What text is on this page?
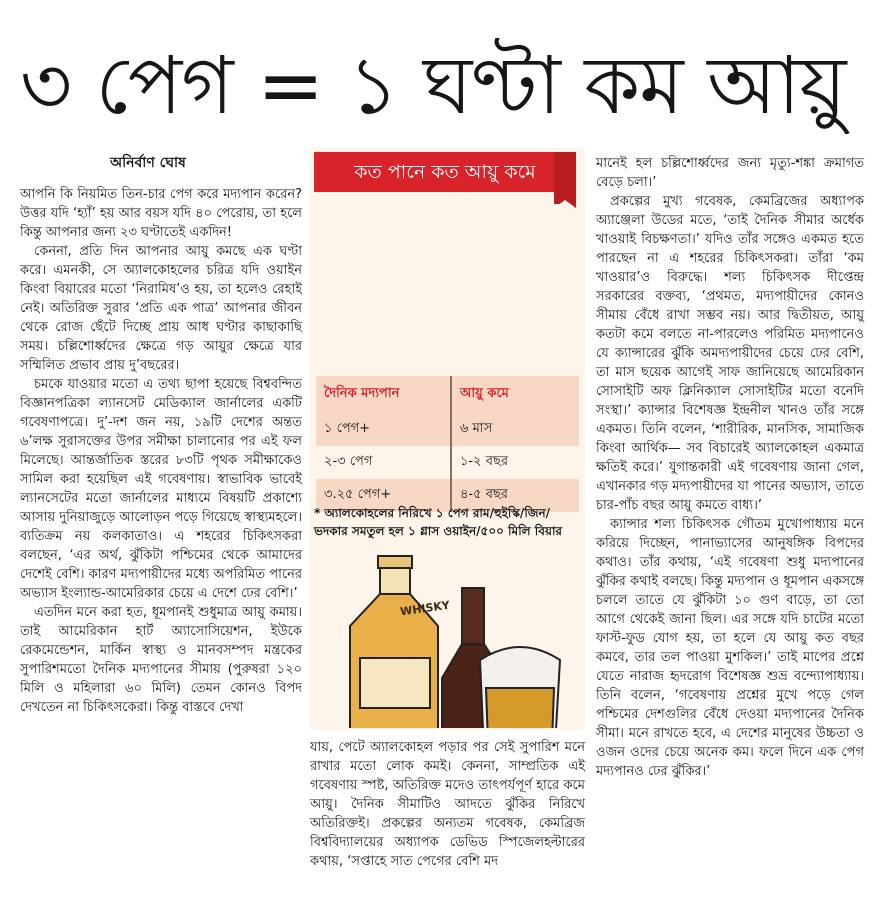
৩ পেগ = ১ ঘণ্টা কম আয়ু
অনির্বাণ ঘোষ

আপনি কি নিয়মিত তিন-চার পেগ করে মদ্যপান করেন? উত্তর যদি ‘হ্যাঁ’ হয় আর বয়স যদি ৪০ পেরোয়, তা হলে কিন্তু আপনার জন্য ২৩ ঘণ্টাতেই একদিন!

কেননা, প্রতি দিন আপনার আয়ু কমছে এক ঘণ্টা করে। এমনকী, সে অ্যালকোহলের চরিত্র যদি ওয়াইন কিংবা বিয়ারের মতো ‘নিরামিষ’ও হয়, তা হলেও রেহাই নেই। অতিরিক্ত সুরার ‘প্রতি এক পাত্র’ আপনার জীবন থেকে রোজ ছেঁটে দিচ্ছে প্রায় আধ ঘণ্টার কাছাকাছি সময়। চল্লিশোর্ধ্বদের ক্ষেত্রে গড় আয়ুর ক্ষেত্রে যার সম্মিলিত প্রভাব প্রায় দু’বছরের।

চমকে যাওয়ার মতো এ তথ্য ছাপা হয়েছে বিশ্ববন্দিত বিজ্ঞানপত্রিকা ল্যানসেট মেডিক্যাল জার্নালের একটি গবেষণাপত্রে। দু’-দশ জন নয়, ১৯টি দেশের অন্তত ৬’লক্ষ সুরাসক্তের উপর সমীক্ষা চালানোর পর এই ফল মিলেছে। আন্তর্জাতিক স্তরের ৮৩টি পৃথক সমীক্ষাকেও সামিল করা হয়েছিল এই গবেষণায়। স্বাভাবিক ভাবেই ল্যানসেটের মতো জার্নালের মাধ্যমে বিষয়টি প্রকাশ্যে আসায় দুনিয়াজুড়ে আলোড়ন পড়ে গিয়েছে স্বাস্থ্যমহলে। ব্যতিক্রম নয় কলকাতাও। এ শহরের চিকিৎসকরা বলছেন, ‘এর অর্থ, ঝুঁকিটা পশ্চিমের থেকে আমাদের দেশেই বেশি। কারণ মদ্যপায়ীদের মধ্যে অপরিমিত পানের অভ্যাস ইংল্যান্ড-আমেরিকার চেয়ে এ দেশে ঢের বেশি।’

এতদিন মনে করা হত, ধূমপানই শুধুমাত্র আয়ু কমায়। তাই আমেরিকান হার্ট অ্যাসোসিয়েশন, ইউকে রেকমেন্ডেশন, মার্কিন স্বাস্থ্য ও মানবসম্পদ মন্ত্রকের সুপারিশমতো দৈনিক মদ্যপানের সীমায় (পুরুষরা ১২০ মিলি ও মহিলারা ৬০ মিলি) তেমন কোনও বিপদ দেখতেন না চিকিৎসকেরা। কিন্তু বাস্তবে দেখা

কত পানে কত আয়ু কমে
দৈনিক মদ্যপান	আয়ু কমে
১ পেগ+	৬ মাস
২-৩ পেগ	১-২ বছর
৩.২৫ পেগ+	৪-৫ বছর
* অ্যালকোহলের নিরিখে ১ পেগ রাম/হুইস্কি/জিন/ভদকার সমতুল হল ১ গ্লাস ওয়াইন/৫০০ মিলি বিয়ার
WHISKY

যায়, পেটে অ্যালকোহল পড়ার পর সেই সুপারিশ মনে রাখার মতো লোক কমই। কেননা, সাম্প্রতিক এই গবেষণায় স্পষ্ট, অতিরিক্ত মদেও তাৎপর্যপূর্ণ হারে কমে আয়ু। দৈনিক সীমাটিও আদতে ঝুঁকির নিরিখে অতিরিক্তই। প্রকল্পের অন্যতম গবেষক, কেমব্রিজ বিশ্ববিদ্যালয়ের অধ্যাপক ডেভিড স্পিজেলহল্টারের কথায়, ‘সপ্তাহে সাত পেগের বেশি মদ

মানেই হল চল্লিশোর্ধ্বদের জন্য মৃত্যু-শঙ্কা ক্রমাগত বেড়ে চলা।’

প্রকল্পের মুখ্য গবেষক, কেমব্রিজের অধ্যাপক অ্যাঞ্জেলা উডের মতে, ‘তাই দৈনিক সীমার অর্ধেক খাওয়াই বিচক্ষণতা।’ যদিও তাঁর সঙ্গেও একমত হতে পারছেন না এ শহরের চিকিৎসকরা। তাঁরা ‘কম খাওয়ার’ও বিরুদ্ধে। শল্য চিকিৎসক দীপ্তেন্দ্র সরকারের বক্তব্য, ‘প্রথমত, মদ্যপায়ীদের কোনও সীমায় বেঁধে রাখা সম্ভব নয়। আর দ্বিতীয়ত, আয়ু কতটা কমে বলতে না-পারলেও পরিমিত মদ্যপানেও যে ক্যান্সারের ঝুঁকি অমদ্যপায়ীদের চেয়ে ঢের বেশি, তা মাস ছয়েক আগেই সাফ জানিয়েছে আমেরিকান সোসাইটি অফ ক্লিনিক্যাল সোসাইটির মতো বনেদি সংস্থা।’ ক্যান্সার বিশেষজ্ঞ ইন্দ্রনীল খানও তাঁর সঙ্গে একমত। তিনি বলেন, ‘শারীরিক, মানসিক, সামাজিক কিংবা আর্থিক— সব বিচারেই অ্যালকোহল একমাত্র ক্ষতিই করে।’ যুগান্তকারী এই গবেষণায় জানা গেল, এখানকার গড় মদ্যপায়ীদের যা পানের অভ্যাস, তাতে চার-পাঁচ বছর আয়ু কমতে বাধ্য।’

ক্যান্সার শল্য চিকিৎসক গৌতম মুখোপাধ্যায় মনে করিয়ে দিচ্ছেন, পানাভ্যাসের আনুষঙ্গিক বিপদের কথাও। তাঁর কথায়, ‘এই গবেষণা শুধু মদ্যপানের ঝুঁকির কথাই বলছে। কিন্তু মদ্যপান ও ধূমপান একসঙ্গে চললে তাতে যে ঝুঁকিটা ১০ গুণ বাড়ে, তা তো আগে থেকেই জানা ছিল। এর সঙ্গে যদি চাটের মতো ফাস্ট-ফুড যোগ হয়, তা হলে যে আয়ু কত বছর কমবে, তার তল পাওয়া মুশকিল।’ তাই মাপের প্রশ্নে যেতে নারাজ হৃদরোগ বিশেষজ্ঞ শুভ্র বন্দ্যোপাধ্যায়। তিনি বলেন, ‘গবেষণায় প্রশ্নের মুখে পড়ে গেল পশ্চিমের দেশগুলির বেঁধে দেওয়া মদ্যপানের দৈনিক সীমা। মনে রাখতে হবে, এ দেশের মানুষের উচ্চতা ও ওজন ওদের চেয়ে অনেক কম। ফলে দিনে এক পেগ মদ্যপানও ঢের ঝুঁকির।’
